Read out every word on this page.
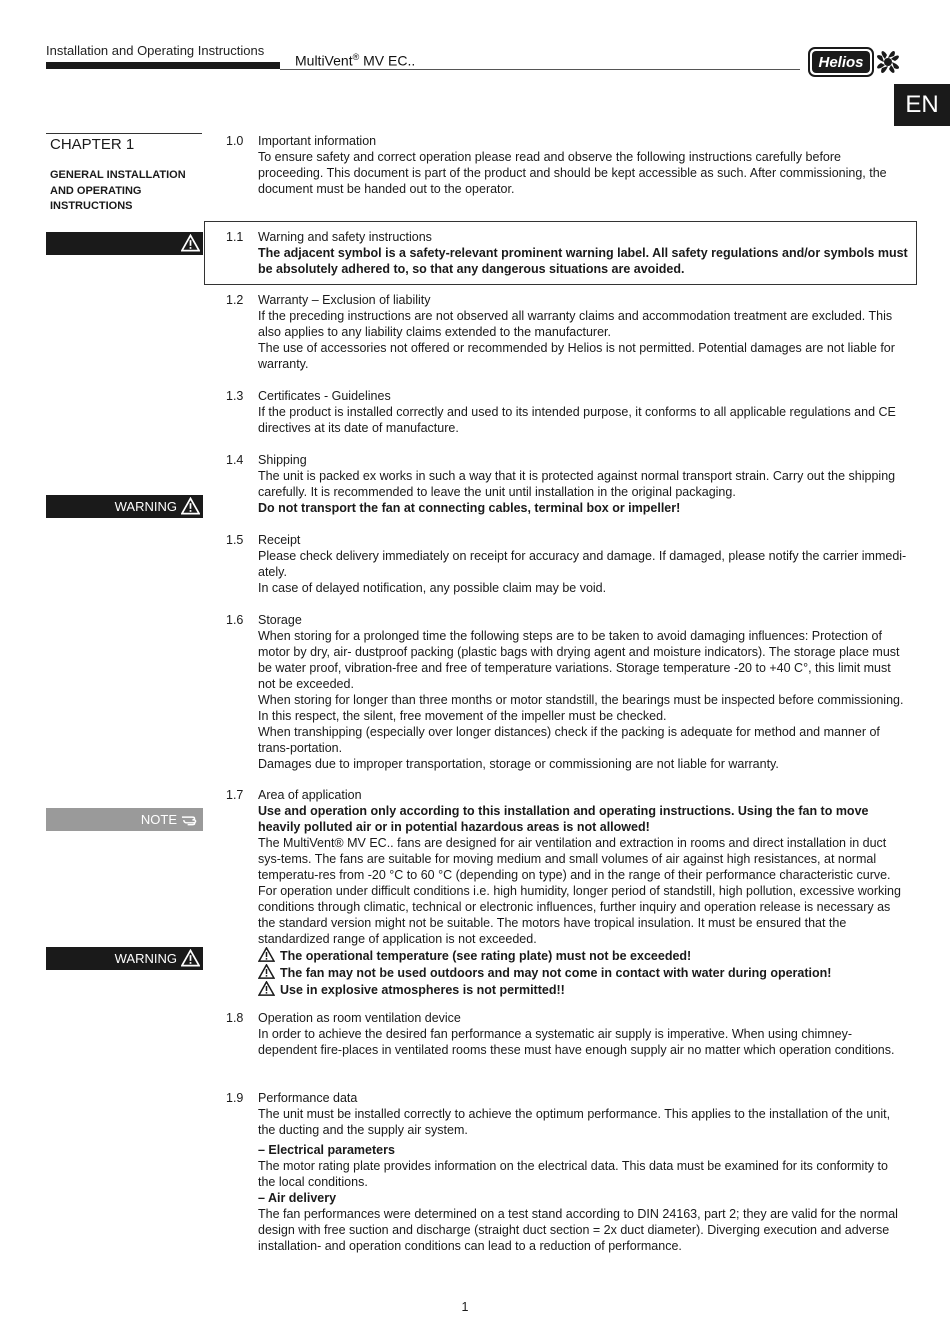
Installation and Operating Instructions
MultiVent® MV EC..	Helios
EN
CHAPTER 1
GENERAL INSTALLATION
AND OPERATING
INSTRUCTIONS
WARNING
NOTE
WARNING
1.0 Important information

To ensure safety and correct operation please read and observe the following instructions carefully before proceeding. This document is part of the product and should be kept accessible as such. After commissioning, the document must be handed out to the operator.

1.1 Warning and safety instructions

The adjacent symbol is a safety-relevant prominent warning label. All safety regulations and/or symbols must be absolutely adhered to, so that any dangerous situations are avoided.

1.2 Warranty – Exclusion of liability

If the preceding instructions are not observed all warranty claims and accommodation treatment are excluded. This also applies to any liability claims extended to the manufacturer.

The use of accessories not offered or recommended by Helios is not permitted. Potential damages are not liable for warranty.

1.3 Certificates - Guidelines

If the product is installed correctly and used to its intended purpose, it conforms to all applicable regulations and CE directives at its date of manufacture.

1.4 Shipping

The unit is packed ex works in such a way that it is protected against normal transport strain. Carry out the shipping carefully. It is recommended to leave the unit until installation in the original packaging.

Do not transport the fan at connecting cables, terminal box or impeller!

1.5 Receipt

Please check delivery immediately on receipt for accuracy and damage. If damaged, please notify the carrier immedi-ately.

In case of delayed notification, any possible claim may be void.

1.6 Storage

When storing for a prolonged time the following steps are to be taken to avoid damaging influences: Protection of motor by dry, air- dustproof packing (plastic bags with drying agent and moisture indicators). The storage place must be water proof, vibration-free and free of temperature variations. Storage temperature -20 to +40 C°, this limit must not be exceeded.

When storing for longer than three months or motor standstill, the bearings must be inspected before commissioning. In this respect, the silent, free movement of the impeller must be checked.

When transhipping (especially over longer distances) check if the packing is adequate for method and manner of trans-portation.

Damages due to improper transportation, storage or commissioning are not liable for warranty.

1.7 Area of application

Use and operation only according to this installation and operating instructions. Using the fan to move heavily polluted air or in potential hazardous areas is not allowed!

The MultiVent® MV EC.. fans are designed for air ventilation and extraction in rooms and direct installation in duct sys-tems. The fans are suitable for moving medium and small volumes of air against high resistances, at normal temperatu-res from -20 °C to 60 °C (depending on type) and in the range of their performance characteristic curve. For operation under difficult conditions i.e. high humidity, longer period of standstill, high pollution, excessive working conditions through climatic, technical or electronic influences, further inquiry and operation release is necessary as the standard version might not be suitable. The motors have tropical insulation. It must be ensured that the standardized range of application is not exceeded.

The operational temperature (see rating plate) must not be exceeded!

The fan may not be used outdoors and may not come in contact with water during operation!

Use in explosive atmospheres is not permitted!!

1.8 Operation as room ventilation device

In order to achieve the desired fan performance a systematic air supply is imperative. When using chimney-dependent fire-places in ventilated rooms these must have enough supply air no matter which operation conditions.

1.9 Performance data

The unit must be installed correctly to achieve the optimum performance. This applies to the installation of the unit, the ducting and the supply air system.

– Electrical parameters

The motor rating plate provides information on the electrical data. This data must be examined for its conformity to the local conditions.

– Air delivery

The fan performances were determined on a test stand according to DIN 24163, part 2; they are valid for the normal design with free suction and discharge (straight duct section = 2x duct diameter). Diverging execution and adverse installation- and operation conditions can lead to a reduction of performance.

1
